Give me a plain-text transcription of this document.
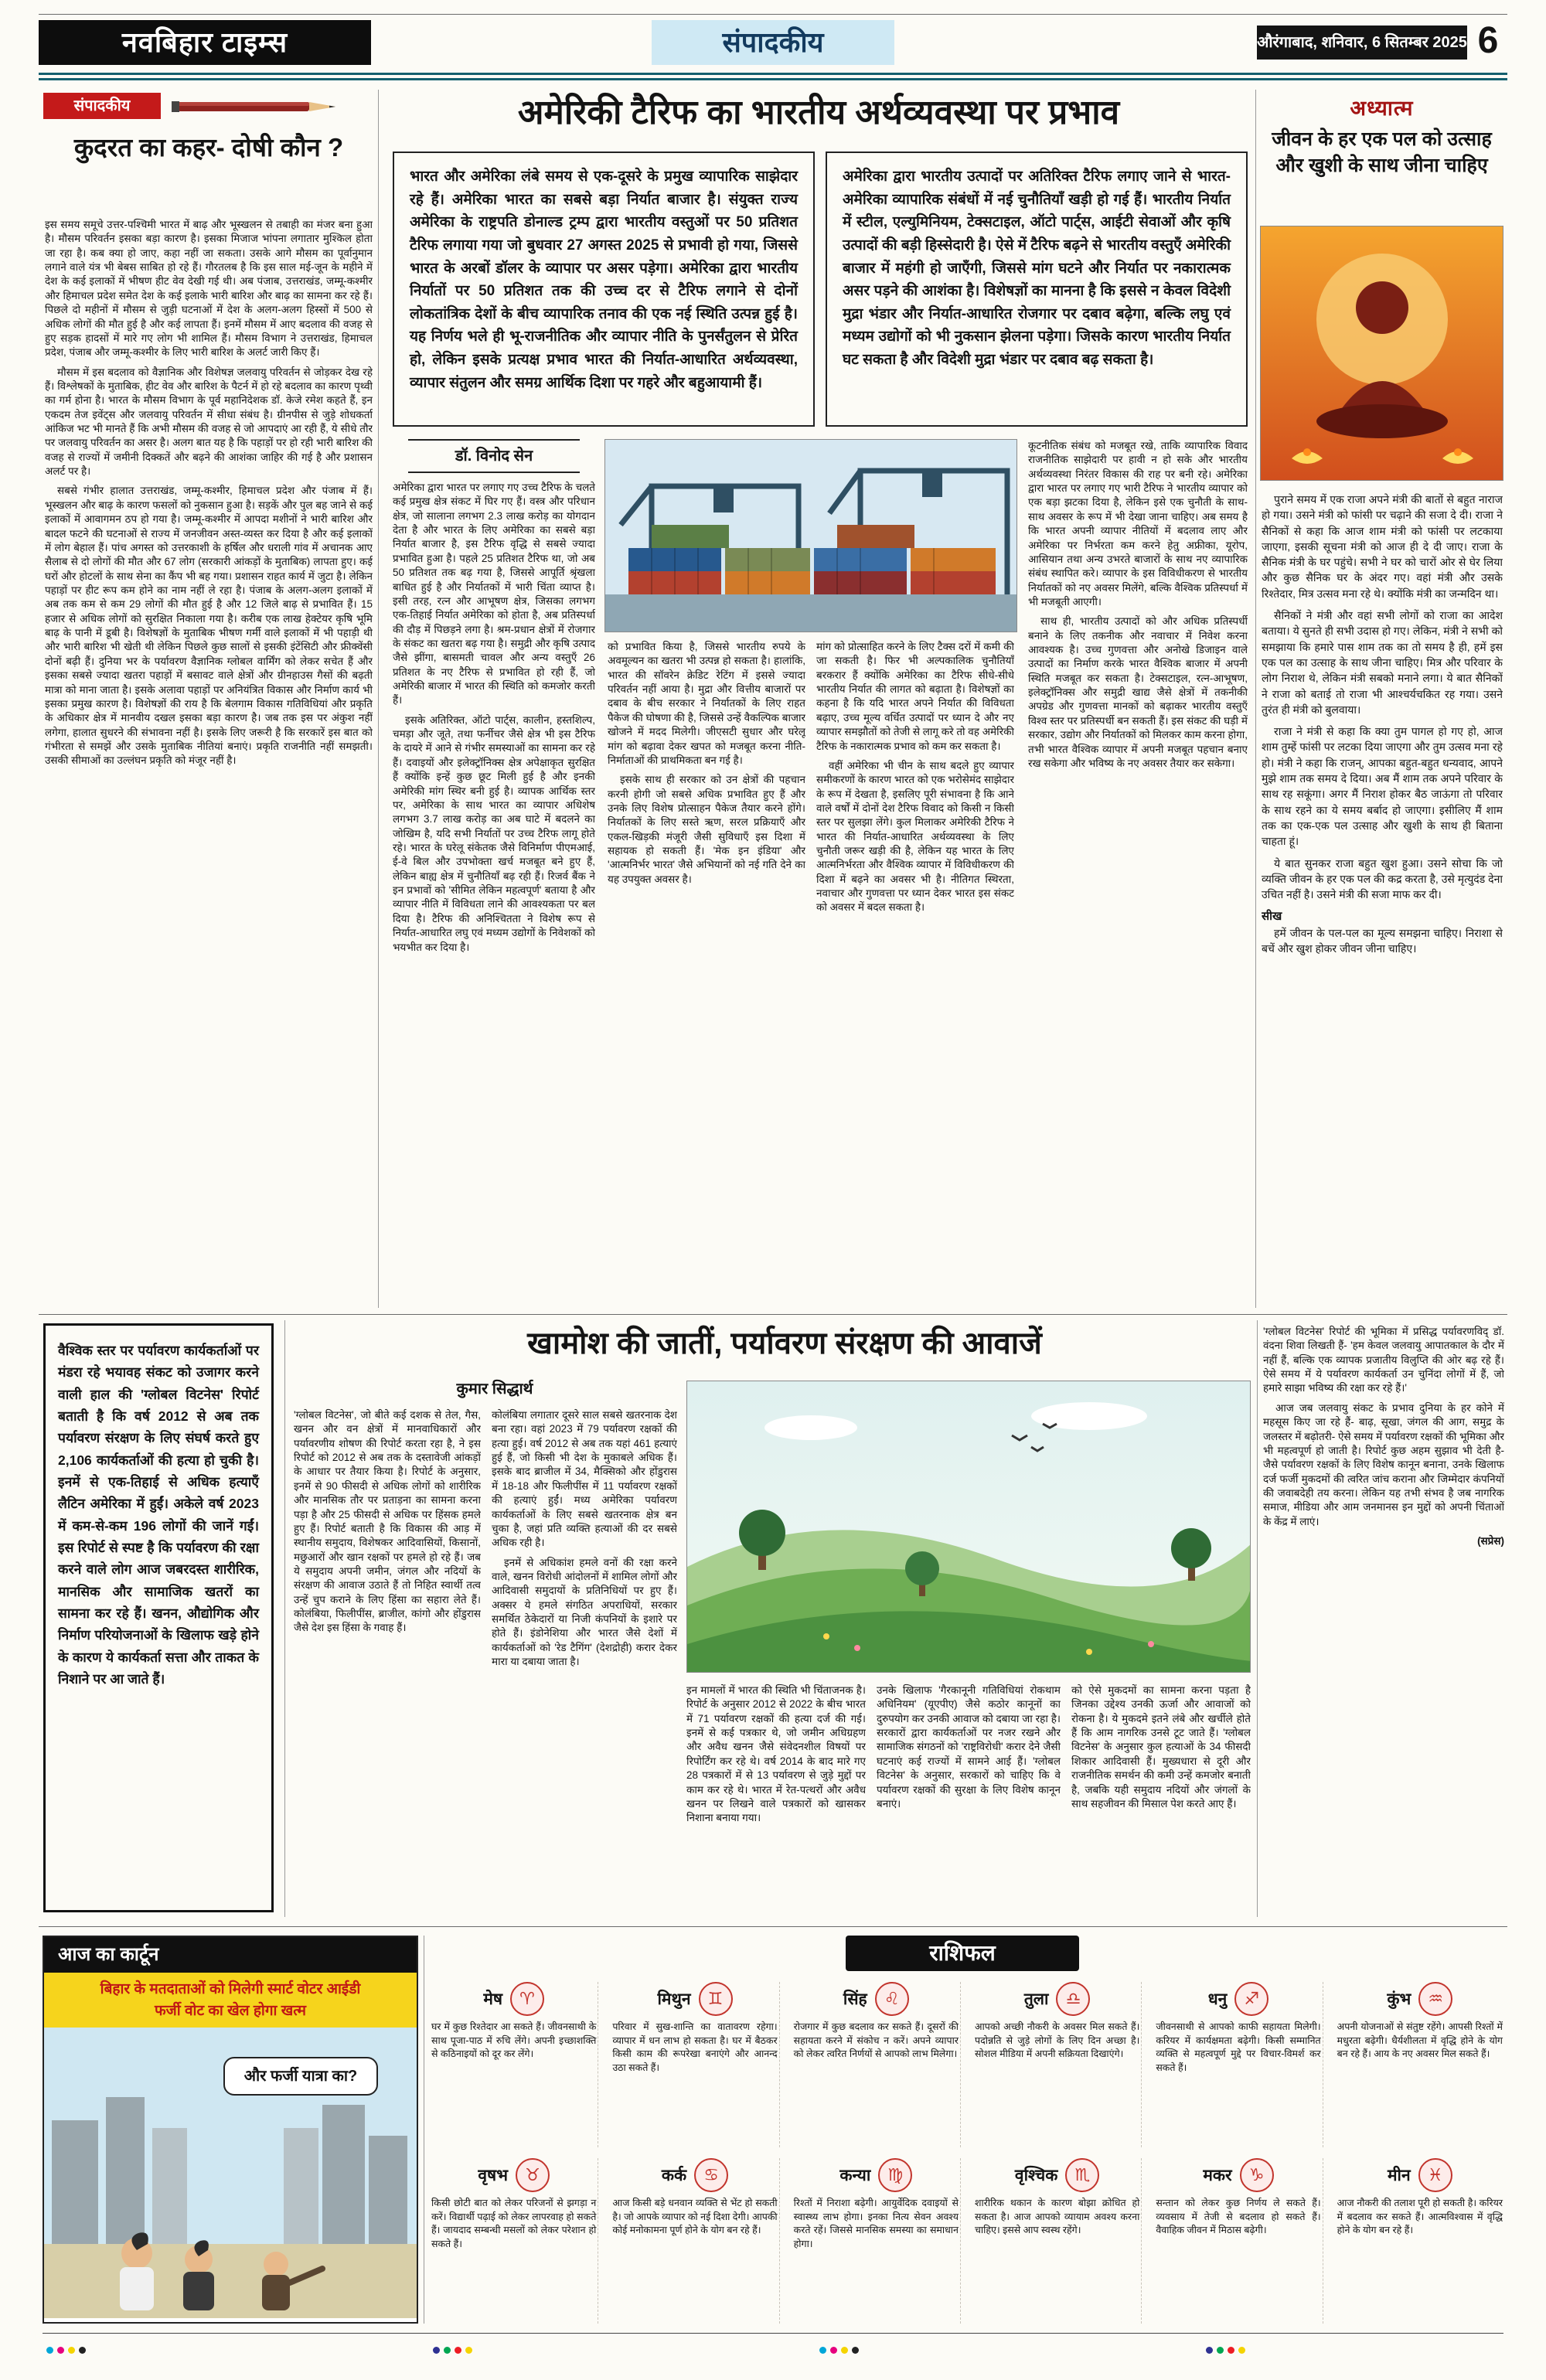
नवबिहार टाइम्स	संपादकीय	औरंगाबाद, शनिवार, 6 सितम्बर 2025 6
संपादकीय
कुदरत का कहर- दोषी कौन ?

इस समय समूचे उत्तर-पश्चिमी भारत में बाढ़ और भूस्खलन से तबाही का मंजर बना हुआ है। मौसम परिवर्तन इसका बड़ा कारण है। इसका मिजाज भांपना लगातार मुश्किल होता जा रहा है। कब क्या हो जाए, कहा नहीं जा सकता। उसके आगे मौसम का पूर्वानुमान लगाने वाले यंत्र भी बेबस साबित हो रहे हैं। गौरतलब है कि इस साल मई-जून के महीने में देश के कई इलाकों में भीषण हीट वेव देखी गई थी। अब पंजाब, उत्तराखंड, जम्मू-कश्मीर और हिमाचल प्रदेश समेत देश के कई इलाके भारी बारिश और बाढ़ का सामना कर रहे हैं। पिछले दो महीनों में मौसम से जुड़ी घटनाओं में देश के अलग-अलग हिस्सों में 500 से अधिक लोगों की मौत हुई है और कई लापता हैं। इनमें मौसम में आए बदलाव की वजह से हुए सड़क हादसों में मारे गए लोग भी शामिल हैं। मौसम विभाग ने उत्तराखंड, हिमाचल प्रदेश, पंजाब और जम्मू-कश्मीर के लिए भारी बारिश के अलर्ट जारी किए हैं।

मौसम में इस बदलाव को वैज्ञानिक और विशेषज्ञ जलवायु परिवर्तन से जोड़कर देख रहे हैं। विश्लेषकों के मुताबिक, हीट वेव और बारिश के पैटर्न में हो रहे बदलाव का कारण पृथ्वी का गर्म होना है। भारत के मौसम विभाग के पूर्व महानिदेशक डॉ. केजे रमेश कहते हैं, इन एकदम तेज इवेंट्स और जलवायु परिवर्तन में सीधा संबंध है। ग्रीनपीस से जुड़े शोधकर्ता आंकिज भट भी मानते हैं कि अभी मौसम की वजह से जो आपदाएं आ रही हैं, ये सीधे तौर पर जलवायु परिवर्तन का असर है। अलग बात यह है कि पहाड़ों पर हो रही भारी बारिश की वजह से राज्यों में जमीनी दिक्कतें और बढ़ने की आशंका जाहिर की गई है और प्रशासन अलर्ट पर है।

सबसे गंभीर हालात उत्तराखंड, जम्मू-कश्मीर, हिमाचल प्रदेश और पंजाब में हैं। भूस्खलन और बाढ़ के कारण फसलों को नुकसान हुआ है। सड़कें और पुल बह जाने से कई इलाकों में आवागमन ठप हो गया है। जम्मू-कश्मीर में आपदा मशीनों ने भारी बारिश और बादल फटने की घटनाओं से राज्य में जनजीवन अस्त-व्यस्त कर दिया है और कई इलाकों में लोग बेहाल हैं। पांच अगस्त को उत्तरकाशी के हर्षिल और धराली गांव में अचानक आए सैलाब से दो लोगों की मौत और 67 लोग (सरकारी आंकड़ों के मुताबिक) लापता हुए। कई घरों और होटलों के साथ सेना का कैंप भी बह गया। प्रशासन राहत कार्य में जुटा है। लेकिन पहाड़ों पर हीट रूप कम होने का नाम नहीं ले रहा है। पंजाब के अलग-अलग इलाकों में अब तक कम से कम 29 लोगों की मौत हुई है और 12 जिले बाढ़ से प्रभावित हैं। 15 हजार से अधिक लोगों को सुरक्षित निकाला गया है। करीब एक लाख हेक्टेयर कृषि भूमि बाढ़ के पानी में डूबी है। विशेषज्ञों के मुताबिक भीषण गर्मी वाले इलाकों में भी पहाड़ी थी और भारी बारिश भी खेती थी लेकिन पिछले कुछ सालों से इसकी इंटेंसिटी और फ्रीक्वेंसी दोनों बढ़ी हैं। दुनिया भर के पर्यावरण वैज्ञानिक ग्लोबल वार्मिंग को लेकर सचेत हैं और इसका सबसे ज्यादा खतरा पहाड़ों में बसावट वाले क्षेत्रों और ग्रीनहाउस गैसों की बढ़ती मात्रा को माना जाता है। इसके अलावा पहाड़ों पर अनियंत्रित विकास और निर्माण कार्य भी इसका प्रमुख कारण है। विशेषज्ञों की राय है कि बेलगाम विकास गतिविधियां और प्रकृति के अधिकार क्षेत्र में मानवीय दखल इसका बड़ा कारण है। जब तक इस पर अंकुश नहीं लगेगा, हालात सुधरने की संभावना नहीं है। इसके लिए जरूरी है कि सरकारें इस बात को गंभीरता से समझें और उसके मुताबिक नीतियां बनाएं। प्रकृति राजनीति नहीं समझती। उसकी सीमाओं का उल्लंघन प्रकृति को मंजूर नहीं है।

अमेरिकी टैरिफ का भारतीय अर्थव्यवस्था पर प्रभाव
भारत और अमेरिका लंबे समय से एक-दूसरे के प्रमुख व्यापारिक साझेदार रहे हैं। अमेरिका भारत का सबसे बड़ा निर्यात बाजार है। संयुक्त राज्य अमेरिका के राष्ट्रपति डोनाल्ड ट्रम्प द्वारा भारतीय वस्तुओं पर 50 प्रतिशत टैरिफ लगाया गया जो बुधवार 27 अगस्त 2025 से प्रभावी हो गया, जिससे भारत के अरबों डॉलर के व्यापार पर असर पड़ेगा। अमेरिका द्वारा भारतीय निर्यातों पर 50 प्रतिशत तक की उच्च दर से टैरिफ लगाने से दोनों लोकतांत्रिक देशों के बीच व्यापारिक तनाव की एक नई स्थिति उत्पन्न हुई है। यह निर्णय भले ही भू-राजनीतिक और व्यापार नीति के पुनर्संतुलन से प्रेरित हो, लेकिन इसके प्रत्यक्ष प्रभाव भारत की निर्यात-आधारित अर्थव्यवस्था, व्यापार संतुलन और समग्र आर्थिक दिशा पर गहरे और बहुआयामी हैं।
अमेरिका द्वारा भारतीय उत्पादों पर अतिरिक्त टैरिफ लगाए जाने से भारत-अमेरिका व्यापारिक संबंधों में नई चुनौतियाँ खड़ी हो गई हैं। भारतीय निर्यात में स्टील, एल्युमिनियम, टेक्सटाइल, ऑटो पार्ट्स, आईटी सेवाओं और कृषि उत्पादों की बड़ी हिस्सेदारी है। ऐसे में टैरिफ बढ़ने से भारतीय वस्तुएँ अमेरिकी बाजार में महंगी हो जाएँगी, जिससे मांग घटने और निर्यात पर नकारात्मक असर पड़ने की आशंका है। विशेषज्ञों का मानना है कि इससे न केवल विदेशी मुद्रा भंडार और निर्यात-आधारित रोजगार पर दबाव बढ़ेगा, बल्कि लघु एवं मध्यम उद्योगों को भी नुकसान झेलना पड़ेगा। जिसके कारण भारतीय निर्यात घट सकता है और विदेशी मुद्रा भंडार पर दबाव बढ़ सकता है।
डॉ. विनोद सेन

अमेरिका द्वारा भारत पर लगाए गए उच्च टैरिफ के चलते कई प्रमुख क्षेत्र संकट में घिर गए हैं। वस्त्र और परिधान क्षेत्र, जो सालाना लगभग 2.3 लाख करोड़ का योगदान देता है और भारत के लिए अमेरिका का सबसे बड़ा निर्यात बाजार है, इस टैरिफ वृद्धि से सबसे ज्यादा प्रभावित हुआ है। पहले 25 प्रतिशत टैरिफ था, जो अब 50 प्रतिशत तक बढ़ गया है, जिससे आपूर्ति श्रृंखला बाधित हुई है और निर्यातकों में भारी चिंता व्याप्त है। इसी तरह, रत्न और आभूषण क्षेत्र, जिसका लगभग एक-तिहाई निर्यात अमेरिका को होता है, अब प्रतिस्पर्धा की दौड़ में पिछड़ने लगा है। श्रम-प्रधान क्षेत्रों में रोजगार के संकट का खतरा बढ़ गया है। समुद्री और कृषि उत्पाद जैसे झींगा, बासमती चावल और अन्य वस्तुएँ 26 प्रतिशत के नए टैरिफ से प्रभावित हो रही हैं, जो अमेरिकी बाजार में भारत की स्थिति को कमजोर करती हैं।

इसके अतिरिक्त, ऑटो पार्ट्स, कालीन, हस्तशिल्प, चमड़ा और जूते, तथा फर्नीचर जैसे क्षेत्र भी इस टैरिफ के दायरे में आने से गंभीर समस्याओं का सामना कर रहे हैं। दवाइयों और इलेक्ट्रॉनिक्स क्षेत्र अपेक्षाकृत सुरक्षित हैं क्योंकि इन्हें कुछ छूट मिली हुई है और इनकी अमेरिकी मांग स्थिर बनी हुई है। व्यापक आर्थिक स्तर पर, अमेरिका के साथ भारत का व्यापार अधिशेष लगभग 3.7 लाख करोड़ का अब घाटे में बदलने का जोखिम है, यदि सभी निर्यातों पर उच्च टैरिफ लागू होते रहे। भारत के घरेलू संकेतक जैसे विनिर्माण पीएमआई, ई-वे बिल और उपभोक्ता खर्च मजबूत बने हुए हैं, लेकिन बाह्य क्षेत्र में चुनौतियाँ बढ़ रही हैं। रिजर्व बैंक ने इन प्रभावों को 'सीमित लेकिन महत्वपूर्ण' बताया है और व्यापार नीति में विविधता लाने की आवश्यकता पर बल दिया है। टैरिफ की अनिश्चितता ने विशेष रूप से निर्यात-आधारित लघु एवं मध्यम उद्योगों के निवेशकों को भयभीत कर दिया है।

को प्रभावित किया है, जिससे भारतीय रुपये के अवमूल्यन का खतरा भी उत्पन्न हो सकता है। हालांकि, भारत की सॉवरेन क्रेडिट रेटिंग में इससे ज्यादा परिवर्तन नहीं आया है। मुद्रा और वित्तीय बाजारों पर दबाव के बीच सरकार ने निर्यातकों के लिए राहत पैकेज की घोषणा की है, जिससे उन्हें वैकल्पिक बाजार खोजने में मदद मिलेगी। जीएसटी सुधार और घरेलू मांग को बढ़ावा देकर खपत को मजबूत करना नीति-निर्माताओं की प्राथमिकता बन गई है।

इसके साथ ही सरकार को उन क्षेत्रों की पहचान करनी होगी जो सबसे अधिक प्रभावित हुए हैं और उनके लिए विशेष प्रोत्साहन पैकेज तैयार करने होंगे। निर्यातकों के लिए सस्ते ऋण, सरल प्रक्रियाएँ और एकल-खिड़की मंजूरी जैसी सुविधाएँ इस दिशा में सहायक हो सकती हैं। 'मेक इन इंडिया' और 'आत्मनिर्भर भारत' जैसे अभियानों को नई गति देने का यह उपयुक्त अवसर है।

मांग को प्रोत्साहित करने के लिए टैक्स दरों में कमी की जा सकती है। फिर भी अल्पकालिक चुनौतियाँ बरकरार हैं क्योंकि अमेरिका का टैरिफ सीधे-सीधे भारतीय निर्यात की लागत को बढ़ाता है। विशेषज्ञों का कहना है कि यदि भारत अपने निर्यात की विविधता बढ़ाए, उच्च मूल्य वर्धित उत्पादों पर ध्यान दे और नए व्यापार समझौतों को तेजी से लागू करे तो वह अमेरिकी टैरिफ के नकारात्मक प्रभाव को कम कर सकता है।

वहीं अमेरिका भी चीन के साथ बदले हुए व्यापार समीकरणों के कारण भारत को एक भरोसेमंद साझेदार के रूप में देखता है, इसलिए पूरी संभावना है कि आने वाले वर्षों में दोनों देश टैरिफ विवाद को किसी न किसी स्तर पर सुलझा लेंगे। कुल मिलाकर अमेरिकी टैरिफ ने भारत की निर्यात-आधारित अर्थव्यवस्था के लिए चुनौती जरूर खड़ी की है, लेकिन यह भारत के लिए आत्मनिर्भरता और वैश्विक व्यापार में विविधीकरण की दिशा में बढ़ने का अवसर भी है। नीतिगत स्थिरता, नवाचार और गुणवत्ता पर ध्यान देकर भारत इस संकट को अवसर में बदल सकता है।

कूटनीतिक संबंध को मजबूत रखे, ताकि व्यापारिक विवाद राजनीतिक साझेदारी पर हावी न हो सके और भारतीय अर्थव्यवस्था निरंतर विकास की राह पर बनी रहे। अमेरिका द्वारा भारत पर लगाए गए भारी टैरिफ ने भारतीय व्यापार को एक बड़ा झटका दिया है, लेकिन इसे एक चुनौती के साथ-साथ अवसर के रूप में भी देखा जाना चाहिए। अब समय है कि भारत अपनी व्यापार नीतियों में बदलाव लाए और अमेरिका पर निर्भरता कम करने हेतु अफ्रीका, यूरोप, आसियान तथा अन्य उभरते बाजारों के साथ नए व्यापारिक संबंध स्थापित करे। व्यापार के इस विविधीकरण से भारतीय निर्यातकों को नए अवसर मिलेंगे, बल्कि वैश्विक प्रतिस्पर्धा में भी मजबूती आएगी।

साथ ही, भारतीय उत्पादों को और अधिक प्रतिस्पर्धी बनाने के लिए तकनीक और नवाचार में निवेश करना आवश्यक है। उच्च गुणवत्ता और अनोखे डिजाइन वाले उत्पादों का निर्माण करके भारत वैश्विक बाजार में अपनी स्थिति मजबूत कर सकता है। टेक्सटाइल, रत्न-आभूषण, इलेक्ट्रॉनिक्स और समुद्री खाद्य जैसे क्षेत्रों में तकनीकी अपग्रेड और गुणवत्ता मानकों को बढ़ाकर भारतीय वस्तुएँ विश्व स्तर पर प्रतिस्पर्धी बन सकती हैं। इस संकट की घड़ी में सरकार, उद्योग और निर्यातकों को मिलकर काम करना होगा, तभी भारत वैश्विक व्यापार में अपनी मजबूत पहचान बनाए रख सकेगा और भविष्य के नए अवसर तैयार कर सकेगा।

अध्यात्म
जीवन के हर एक पल को उत्साह और खुशी के साथ जीना चाहिए

पुराने समय में एक राजा अपने मंत्री की बातों से बहुत नाराज हो गया। उसने मंत्री को फांसी पर चढ़ाने की सजा दे दी। राजा ने सैनिकों से कहा कि आज शाम मंत्री को फांसी पर लटकाया जाएगा, इसकी सूचना मंत्री को आज ही दे दी जाए। राजा के सैनिक मंत्री के घर पहुंचे। सभी ने घर को चारों ओर से घेर लिया और कुछ सैनिक घर के अंदर गए। वहां मंत्री और उसके रिश्तेदार, मित्र उत्सव मना रहे थे। क्योंकि मंत्री का जन्मदिन था।

सैनिकों ने मंत्री और वहां सभी लोगों को राजा का आदेश बताया। ये सुनते ही सभी उदास हो गए। लेकिन, मंत्री ने सभी को समझाया कि हमारे पास शाम तक का तो समय है ही, हमें इस एक पल का उत्साह के साथ जीना चाहिए। मित्र और परिवार के लोग निराश थे, लेकिन मंत्री सबको मनाने लगा। ये बात सैनिकों ने राजा को बताई तो राजा भी आश्चर्यचकित रह गया। उसने तुरंत ही मंत्री को बुलवाया।

राजा ने मंत्री से कहा कि क्या तुम पागल हो गए हो, आज शाम तुम्हें फांसी पर लटका दिया जाएगा और तुम उत्सव मना रहे हो। मंत्री ने कहा कि राजन्, आपका बहुत-बहुत धन्यवाद, आपने मुझे शाम तक समय दे दिया। अब मैं शाम तक अपने परिवार के साथ रह सकूंगा। अगर मैं निराश होकर बैठ जाऊंगा तो परिवार के साथ रहने का ये समय बर्बाद हो जाएगा। इसीलिए मैं शाम तक का एक-एक पल उत्साह और खुशी के साथ ही बिताना चाहता हूं।

ये बात सुनकर राजा बहुत खुश हुआ। उसने सोचा कि जो व्यक्ति जीवन के हर एक पल की कद्र करता है, उसे मृत्युदंड देना उचित नहीं है। उसने मंत्री की सजा माफ कर दी।

सीख

हमें जीवन के पल-पल का मूल्य समझना चाहिए। निराशा से बचें और खुश होकर जीवन जीना चाहिए।

वैश्विक स्तर पर पर्यावरण कार्यकर्ताओं पर मंडरा रहे भयावह संकट को उजागर करने वाली हाल की 'ग्लोबल विटनेस' रिपोर्ट बताती है कि वर्ष 2012 से अब तक पर्यावरण संरक्षण के लिए संघर्ष करते हुए 2,106 कार्यकर्ताओं की हत्या हो चुकी है। इनमें से एक-तिहाई से अधिक हत्याएँ लैटिन अमेरिका में हुईं। अकेले वर्ष 2023 में कम-से-कम 196 लोगों की जानें गईं। इस रिपोर्ट से स्पष्ट है कि पर्यावरण की रक्षा करने वाले लोग आज जबरदस्त शारीरिक, मानसिक और सामाजिक खतरों का सामना कर रहे हैं। खनन, औद्योगिक और निर्माण परियोजनाओं के खिलाफ खड़े होने के कारण ये कार्यकर्ता सत्ता और ताकत के निशाने पर आ जाते हैं।
खामोश की जातीं, पर्यावरण संरक्षण की आवाजें
कुमार सिद्धार्थ

'ग्लोबल विटनेस', जो बीते कई दशक से तेल, गैस, खनन और वन क्षेत्रों में मानवाधिकारों और पर्यावरणीय शोषण की रिपोर्ट करता रहा है, ने इस रिपोर्ट को 2012 से अब तक के दस्तावेजी आंकड़ों के आधार पर तैयार किया है। रिपोर्ट के अनुसार, इनमें से 90 फीसदी से अधिक लोगों को शारीरिक और मानसिक तौर पर प्रताड़ना का सामना करना पड़ा है और 25 फीसदी से अधिक पर हिंसक हमले हुए हैं। रिपोर्ट बताती है कि विकास की आड़ में स्थानीय समुदाय, विशेषकर आदिवासियों, किसानों, मछुआरों और खान रक्षकों पर हमले हो रहे हैं। जब ये समुदाय अपनी जमीन, जंगल और नदियों के संरक्षण की आवाज उठाते हैं तो निहित स्वार्थी तत्व उन्हें चुप कराने के लिए हिंसा का सहारा लेते हैं। कोलंबिया, फिलीपींस, ब्राजील, कांगो और होंडुरास जैसे देश इस हिंसा के गवाह हैं।

कोलंबिया लगातार दूसरे साल सबसे खतरनाक देश बना रहा। वहां 2023 में 79 पर्यावरण रक्षकों की हत्या हुई। वर्ष 2012 से अब तक यहां 461 हत्याएं हुई हैं, जो किसी भी देश के मुकाबले अधिक हैं। इसके बाद ब्राजील में 34, मैक्सिको और होंडुरास में 18-18 और फिलीपींस में 11 पर्यावरण रक्षकों की हत्याएं हुईं। मध्य अमेरिका पर्यावरण कार्यकर्ताओं के लिए सबसे खतरनाक क्षेत्र बन चुका है, जहां प्रति व्यक्ति हत्याओं की दर सबसे अधिक रही है।

इनमें से अधिकांश हमले वनों की रक्षा करने वाले, खनन विरोधी आंदोलनों में शामिल लोगों और आदिवासी समुदायों के प्रतिनिधियों पर हुए हैं। अक्सर ये हमले संगठित अपराधियों, सरकार समर्थित ठेकेदारों या निजी कंपनियों के इशारे पर होते हैं। इंडोनेशिया और भारत जैसे देशों में कार्यकर्ताओं को 'रेड टैगिंग' (देशद्रोही) करार देकर मारा या दबाया जाता है।

इन मामलों में भारत की स्थिति भी चिंताजनक है। रिपोर्ट के अनुसार 2012 से 2022 के बीच भारत में 71 पर्यावरण रक्षकों की हत्या दर्ज की गई। इनमें से कई पत्रकार थे, जो जमीन अधिग्रहण और अवैध खनन जैसे संवेदनशील विषयों पर रिपोर्टिंग कर रहे थे। वर्ष 2014 के बाद मारे गए 28 पत्रकारों में से 13 पर्यावरण से जुड़े मुद्दों पर काम कर रहे थे। भारत में रेत-पत्थरों और अवैध खनन पर लिखने वाले पत्रकारों को खासकर निशाना बनाया गया।

उनके खिलाफ 'गैरकानूनी गतिविधियां रोकथाम अधिनियम' (यूएपीए) जैसे कठोर कानूनों का दुरुपयोग कर उनकी आवाज को दबाया जा रहा है। सरकारों द्वारा कार्यकर्ताओं पर नजर रखने और सामाजिक संगठनों को 'राष्ट्रविरोधी' करार देने जैसी घटनाएं कई राज्यों में सामने आई हैं। 'ग्लोबल विटनेस' के अनुसार, सरकारों को चाहिए कि वे पर्यावरण रक्षकों की सुरक्षा के लिए विशेष कानून बनाएं।

को ऐसे मुकदमों का सामना करना पड़ता है जिनका उद्देश्य उनकी ऊर्जा और आवाजों को रोकना है। ये मुकदमे इतने लंबे और खर्चीले होते हैं कि आम नागरिक उनसे टूट जाते हैं। 'ग्लोबल विटनेस' के अनुसार कुल हत्याओं के 34 फीसदी शिकार आदिवासी हैं। मुख्यधारा से दूरी और राजनीतिक समर्थन की कमी उन्हें कमजोर बनाती है, जबकि यही समुदाय नदियों और जंगलों के साथ सहजीवन की मिसाल पेश करते आए हैं।

'ग्लोबल विटनेस' रिपोर्ट की भूमिका में प्रसिद्ध पर्यावरणविद् डॉ. वंदना शिवा लिखती हैं- 'हम केवल जलवायु आपातकाल के दौर में नहीं हैं, बल्कि एक व्यापक प्रजातीय विलुप्ति की ओर बढ़ रहे हैं। ऐसे समय में ये पर्यावरण कार्यकर्ता उन चुनिंदा लोगों में हैं, जो हमारे साझा भविष्य की रक्षा कर रहे हैं।'

आज जब जलवायु संकट के प्रभाव दुनिया के हर कोने में महसूस किए जा रहे हैं- बाढ़, सूखा, जंगल की आग, समुद्र के जलस्तर में बढ़ोतरी- ऐसे समय में पर्यावरण रक्षकों की भूमिका और भी महत्वपूर्ण हो जाती है। रिपोर्ट कुछ अहम सुझाव भी देती है- जैसे पर्यावरण रक्षकों के लिए विशेष कानून बनाना, उनके खिलाफ दर्ज फर्जी मुकदमों की त्वरित जांच कराना और जिम्मेदार कंपनियों की जवाबदेही तय करना। लेकिन यह तभी संभव है जब नागरिक समाज, मीडिया और आम जनमानस इन मुद्दों को अपनी चिंताओं के केंद्र में लाएं।

(सप्रेस)

आज का कार्टून
बिहार के मतदाताओं को मिलेगी स्मार्ट वोटर आईडी
फर्जी वोट का खेल होगा खत्म
और फर्जी यात्रा का?
राशिफल
मेष	♈
घर में कुछ रिश्तेदार आ सकते हैं। जीवनसाथी के साथ पूजा-पाठ में रुचि लेंगे। अपनी इच्छाशक्ति से कठिनाइयों को दूर कर लेंगे।
मिथुन	♊
परिवार में सुख-शान्ति का वातावरण रहेगा। व्यापार में धन लाभ हो सकता है। घर में बैठकर किसी काम की रूपरेखा बनाएंगे और आनन्द उठा सकते हैं।
सिंह	♌
रोजगार में कुछ बदलाव कर सकते हैं। दूसरों की सहायता करने में संकोच न करें। अपने व्यापार को लेकर त्वरित निर्णयों से आपको लाभ मिलेगा।
तुला	♎
आपको अच्छी नौकरी के अवसर मिल सकते हैं। पदोन्नति से जुड़े लोगों के लिए दिन अच्छा है। सोशल मीडिया में अपनी सक्रियता दिखाएंगे।
धनु	♐
जीवनसाथी से आपको काफी सहायता मिलेगी। करियर में कार्यक्षमता बढ़ेगी। किसी सम्मानित व्यक्ति से महत्वपूर्ण मुद्दे पर विचार-विमर्श कर सकते हैं।
कुंभ	♒
अपनी योजनाओं से संतुष्ट रहेंगे। आपसी रिश्तों में मधुरता बढ़ेगी। धैर्यशीलता में वृद्धि होने के योग बन रहे हैं। आय के नए अवसर मिल सकते हैं।
वृषभ	♉
किसी छोटी बात को लेकर परिजनों से झगड़ा न करें। विद्यार्थी पढ़ाई को लेकर लापरवाह हो सकते हैं। जायदाद सम्बन्धी मसलों को लेकर परेशान हो सकते हैं।
कर्क	♋
आज किसी बड़े धनवान व्यक्ति से भेंट हो सकती है। जो आपके व्यापार को नई दिशा देगी। आपकी कोई मनोकामना पूर्ण होने के योग बन रहे हैं।
कन्या	♍
रिश्तों में निराशा बढ़ेगी। आयुर्वेदिक दवाइयों से स्वास्थ्य लाभ होगा। इनका नित्य सेवन अवश्य करते रहें। जिससे मानसिक समस्या का समाधान होगा।
वृश्चिक	♏
शारीरिक थकान के कारण बोझा क्रोधित हो सकता है। आज आपको व्यायाम अवश्य करना चाहिए। इससे आप स्वस्थ रहेंगे।
मकर	♑
सन्तान को लेकर कुछ निर्णय ले सकते हैं। व्यवसाय में तेजी से बदलाव हो सकते हैं। वैवाहिक जीवन में मिठास बढ़ेगी।
मीन	♓
आज नौकरी की तलाश पूरी हो सकती है। करियर में बदलाव कर सकते हैं। आत्मविश्वास में वृद्धि होने के योग बन रहे हैं।
